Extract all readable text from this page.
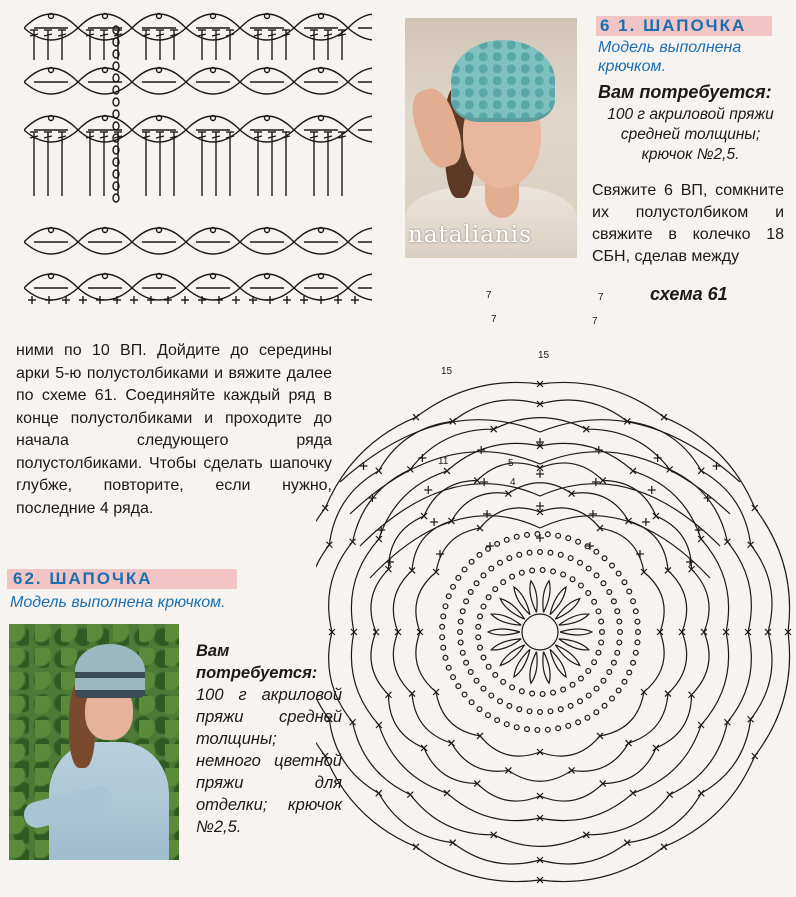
natalianis
6 1. ШАПОЧКА
Модель выполнена крючком.
Вам потребуется:
100 г акриловой пряжи средней толщины; крючок №2,5.
Свяжите 6 ВП, сомкните их полустолбиком и свяжите в колечко 18 СБН, сделав между
схема 61
ними по 10 ВП. Дойдите до середины арки 5-ю полустолбиками и вяжите далее по схеме 61. Соединяйте каждый ряд в конце полустолбиками и проходите до начала следующего ряда полустолбиками. Чтобы сделать шапочку глубже, повторите, если нужно, последние 4 ряда.
62. ШАПОЧКА
Модель выполнена крючком.
Вам потребуется: 100 г акриловой пряжи средней толщины; немного цветной пряжи для отделки; крючок №2,5.
7	7
7	7
15
15
11	5
4
